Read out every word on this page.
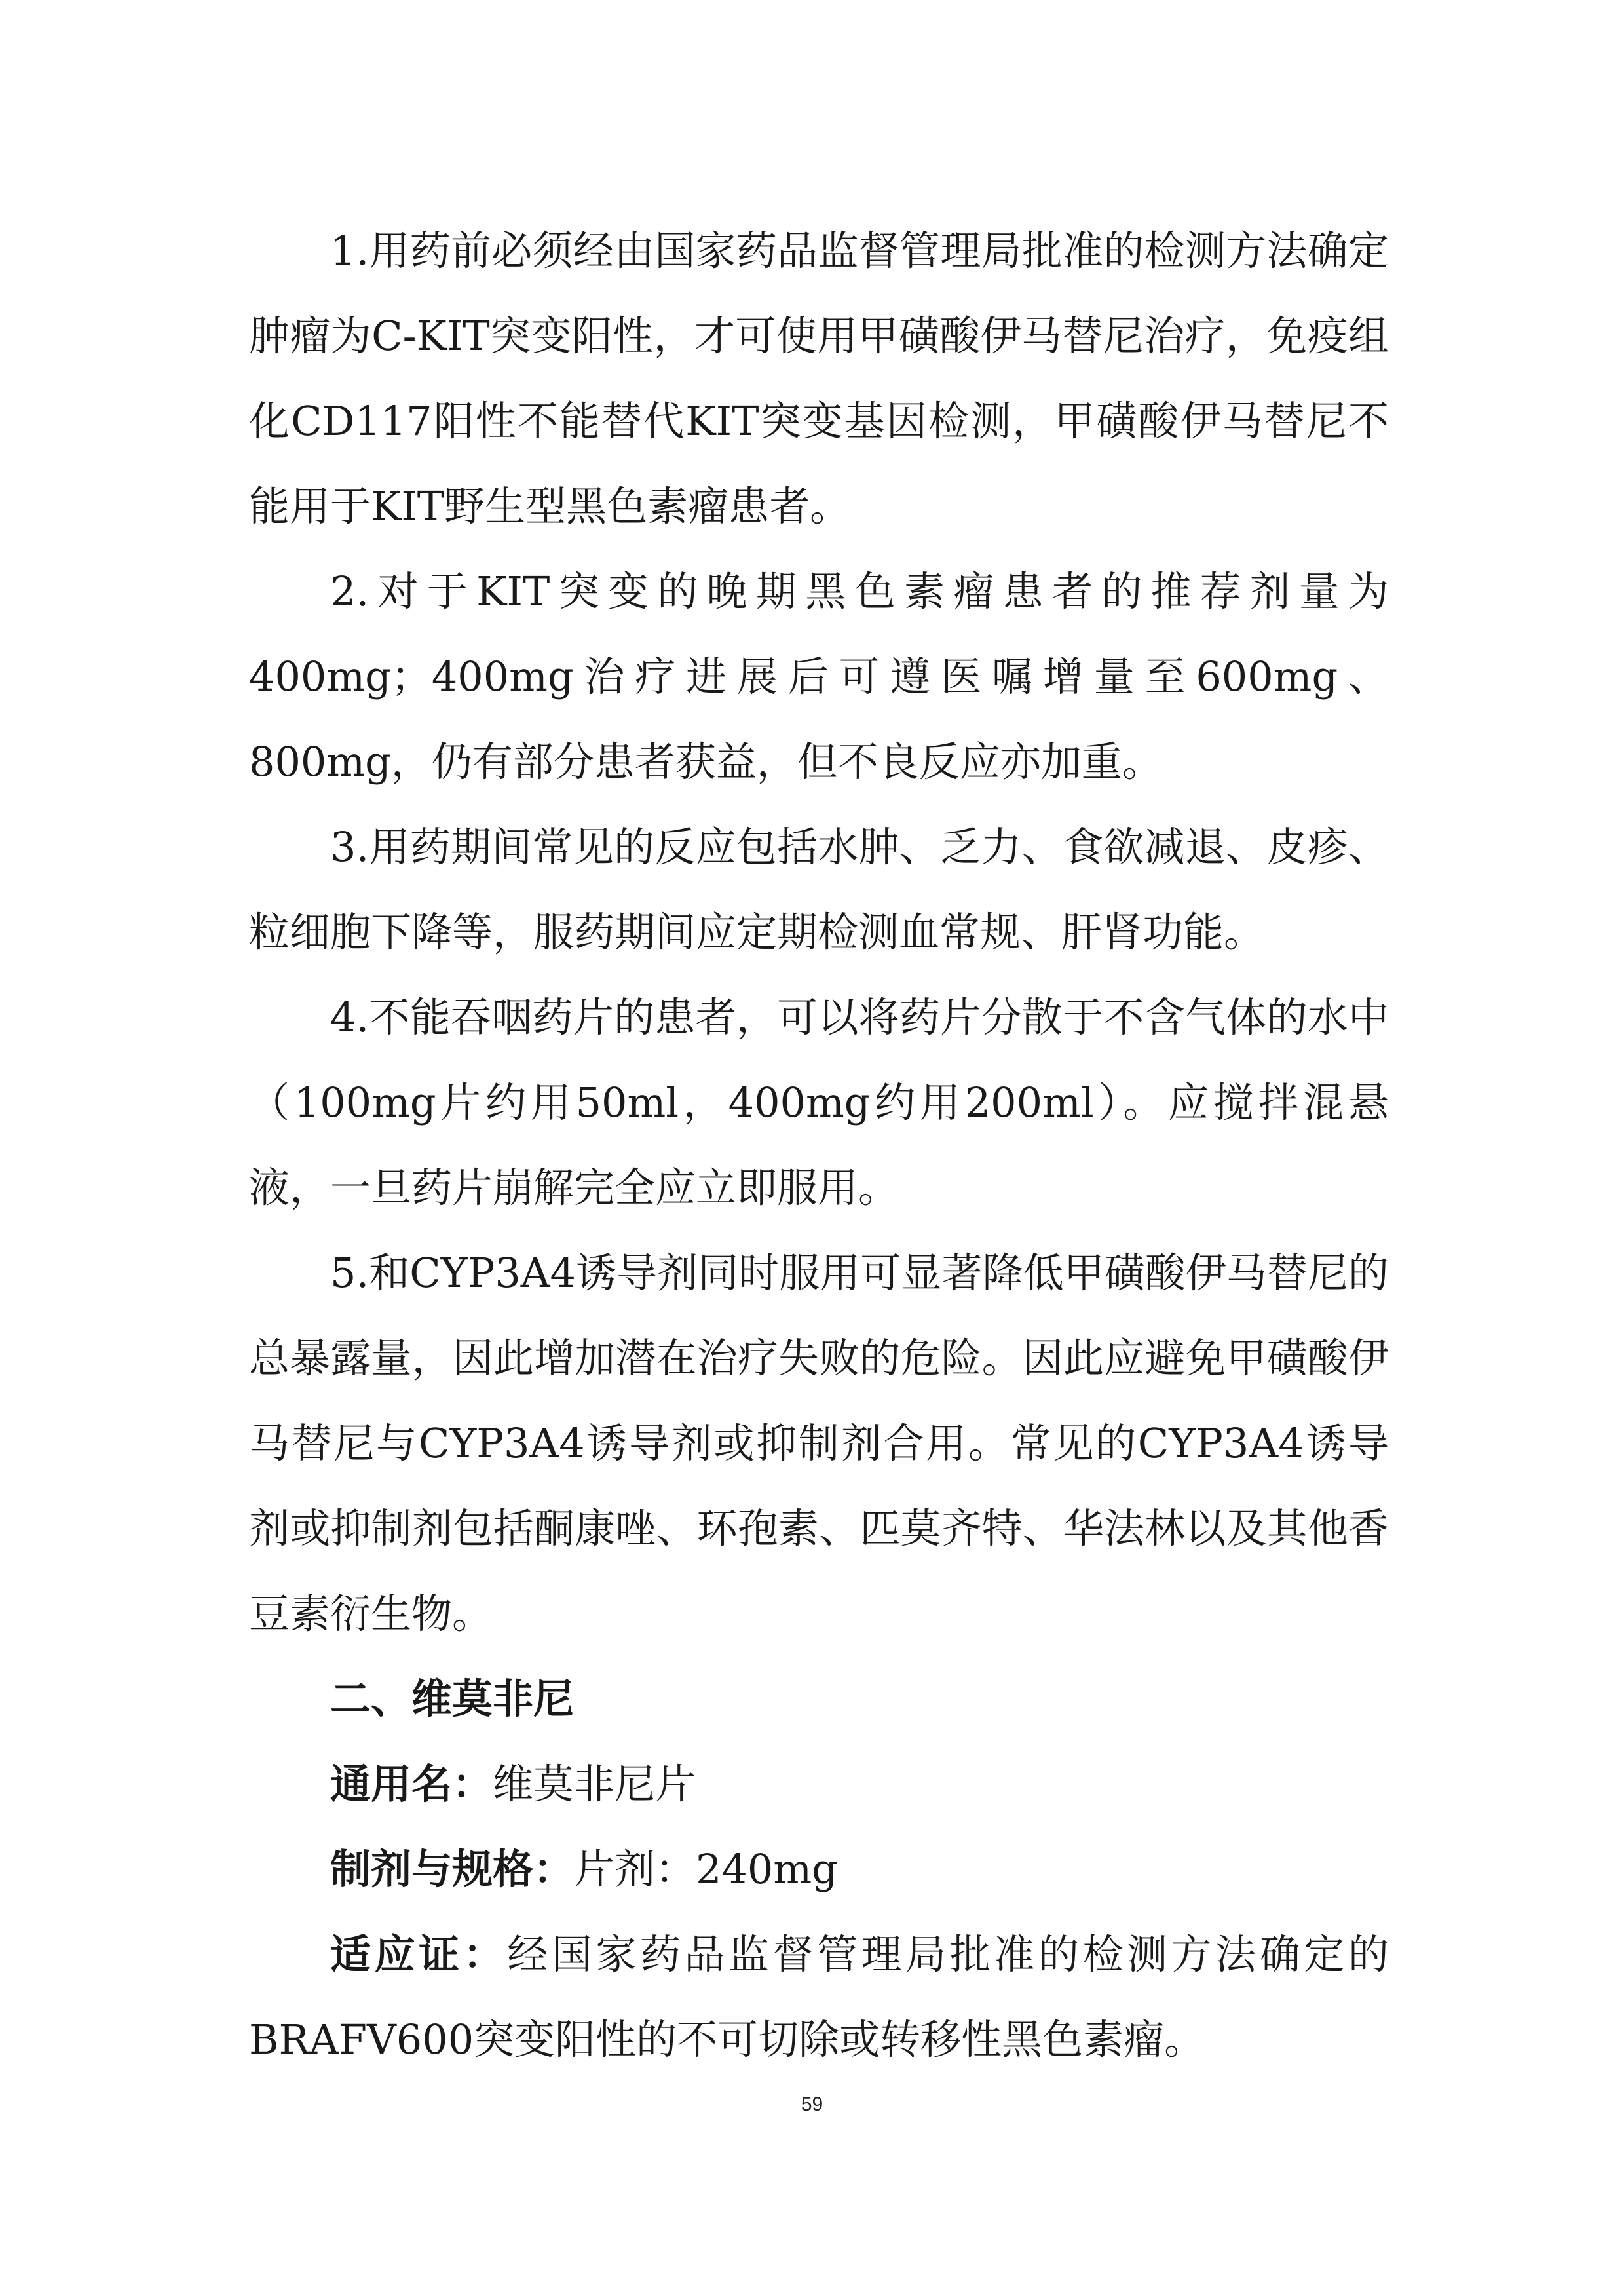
1.用药前必须经由国家药品监督管理局批准的检测方法确定肿瘤为C-KIT突变阳性，才可使用甲磺酸伊马替尼治疗，免疫组化CD117阳性不能替代KIT突变基因检测，甲磺酸伊马替尼不能用于KIT野生型黑色素瘤患者。

2.对于KIT突变的晚期黑色素瘤患者的推荐剂量为400mg；400mg治疗进展后可遵医嘱增量至600mg、800mg，仍有部分患者获益，但不良反应亦加重。

3.用药期间常见的反应包括水肿、乏力、食欲减退、皮疹、粒细胞下降等，服药期间应定期检测血常规、肝肾功能。

4.不能吞咽药片的患者，可以将药片分散于不含气体的水中（100mg片约用50ml，400mg约用200ml）。应搅拌混悬液，一旦药片崩解完全应立即服用。

5.和CYP3A4诱导剂同时服用可显著降低甲磺酸伊马替尼的总暴露量，因此增加潜在治疗失败的危险。因此应避免甲磺酸伊马替尼与CYP3A4诱导剂或抑制剂合用。常见的CYP3A4诱导剂或抑制剂包括酮康唑、环孢素、匹莫齐特、华法林以及其他香豆素衍生物。

二、维莫非尼

通用名：维莫非尼片

制剂与规格：片剂：240mg

适应证：经国家药品监督管理局批准的检测方法确定的BRAFV600突变阳性的不可切除或转移性黑色素瘤。

59
